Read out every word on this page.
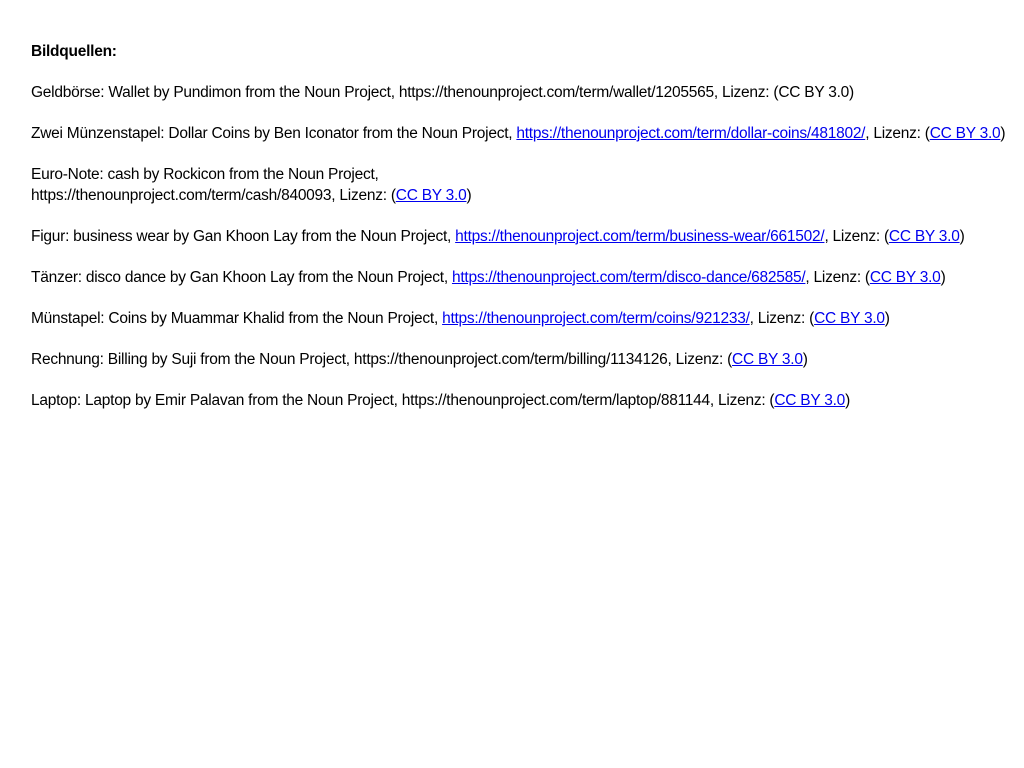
Bildquellen:
Geldbörse: Wallet by Pundimon from the Noun Project, https://thenounproject.com/term/wallet/1205565, Lizenz: (CC BY 3.0)
Zwei Münzenstapel: Dollar Coins by Ben Iconator from the Noun Project, https://thenounproject.com/term/dollar-coins/481802/, Lizenz: (CC BY 3.0)
Euro-Note: cash by Rockicon from the Noun Project,
https://thenounproject.com/term/cash/840093, Lizenz: (CC BY 3.0)
Figur: business wear by Gan Khoon Lay from the Noun Project, https://thenounproject.com/term/business-wear/661502/, Lizenz: (CC BY 3.0)
Tänzer: disco dance by Gan Khoon Lay from the Noun Project, https://thenounproject.com/term/disco-dance/682585/, Lizenz: (CC BY 3.0)
Münstapel: Coins by Muammar Khalid from the Noun Project, https://thenounproject.com/term/coins/921233/, Lizenz: (CC BY 3.0)
Rechnung: Billing by Suji from the Noun Project, https://thenounproject.com/term/billing/1134126, Lizenz: (CC BY 3.0)
Laptop: Laptop by Emir Palavan from the Noun Project, https://thenounproject.com/term/laptop/881144, Lizenz: (CC BY 3.0)
